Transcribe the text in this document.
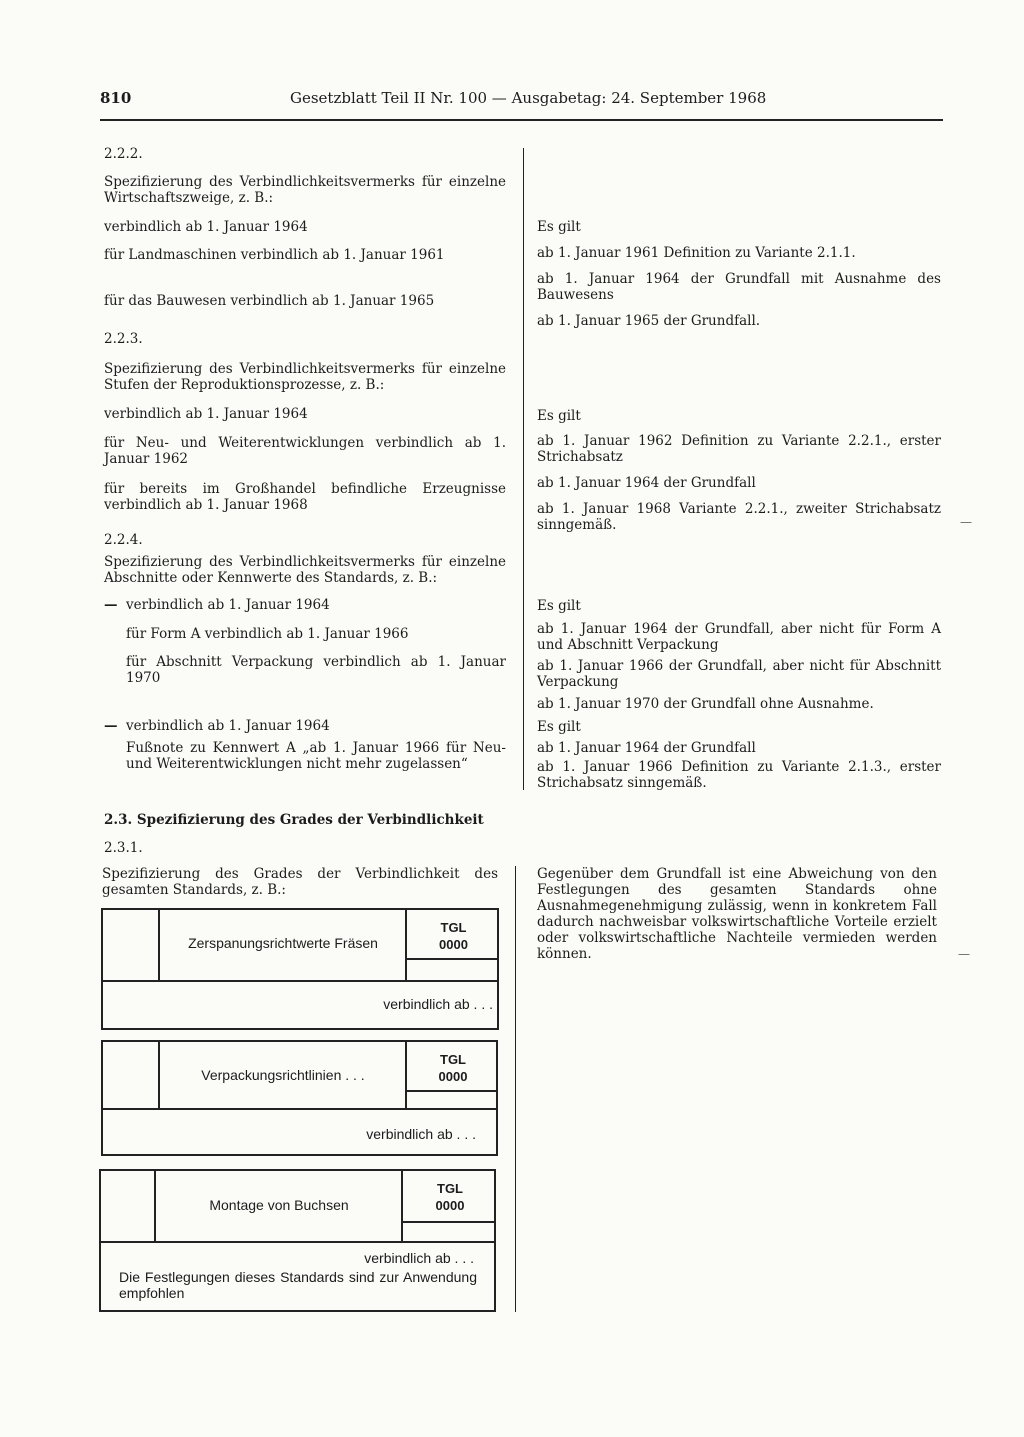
810	Gesetzblatt Teil II Nr. 100 — Ausgabetag: 24. September 1968
2.2.2.
Spezifizierung des Verbindlichkeitsvermerks für einzelne Wirtschaftszweige, z. B.:
verbindlich ab 1. Januar 1964
für Landmaschinen verbindlich ab 1. Januar 1961
für das Bauwesen verbindlich ab 1. Januar 1965
2.2.3.
Spezifizierung des Verbindlichkeitsvermerks für einzelne Stufen der Reproduktionsprozesse, z. B.:
verbindlich ab 1. Januar 1964
für Neu- und Weiterentwicklungen verbindlich ab 1. Januar 1962
für bereits im Großhandel befindliche Erzeugnisse verbindlich ab 1. Januar 1968
2.2.4.
Spezifizierung des Verbindlichkeitsvermerks für einzelne Abschnitte oder Kennwerte des Standards, z. B.:
— verbindlich ab 1. Januar 1964
für Form A verbindlich ab 1. Januar 1966
für Abschnitt Verpackung verbindlich ab 1. Januar 1970
— verbindlich ab 1. Januar 1964
Fußnote zu Kennwert A „ab 1. Januar 1966 für Neu- und Weiterentwicklungen nicht mehr zugelassen“
2.3. Spezifizierung des Grades der Verbindlichkeit
2.3.1.
Spezifizierung des Grades der Verbindlichkeit des gesamten Standards, z. B.:
Zerspanungsrichtwerte Fräsen
TGL
0000
verbindlich ab . . .
Verpackungsrichtlinien . . .
TGL
0000
verbindlich ab . . .
Montage von Buchsen
TGL
0000
verbindlich ab . . .
Die Festlegungen dieses Standards sind zur Anwendung empfohlen
Es gilt
ab 1. Januar 1961 Definition zu Variante 2.1.1.
ab 1. Januar 1964 der Grundfall mit Ausnahme des Bauwesens
ab 1. Januar 1965 der Grundfall.
Es gilt
ab 1. Januar 1962 Definition zu Variante 2.2.1., erster Strichabsatz
ab 1. Januar 1964 der Grundfall
ab 1. Januar 1968 Variante 2.2.1., zweiter Strichabsatz sinngemäß.
Es gilt
ab 1. Januar 1964 der Grundfall, aber nicht für Form A und Abschnitt Verpackung
ab 1. Januar 1966 der Grundfall, aber nicht für Abschnitt Verpackung
ab 1. Januar 1970 der Grundfall ohne Ausnahme.
Es gilt
ab 1. Januar 1964 der Grundfall
ab 1. Januar 1966 Definition zu Variante 2.1.3., erster Strichabsatz sinngemäß.
Gegenüber dem Grundfall ist eine Abweichung von den Festlegungen des gesamten Standards ohne Ausnahmegenehmigung zulässig, wenn in konkretem Fall dadurch nachweisbar volkswirtschaftliche Vorteile erzielt oder volkswirtschaftliche Nachteile vermieden werden können.
—
—
